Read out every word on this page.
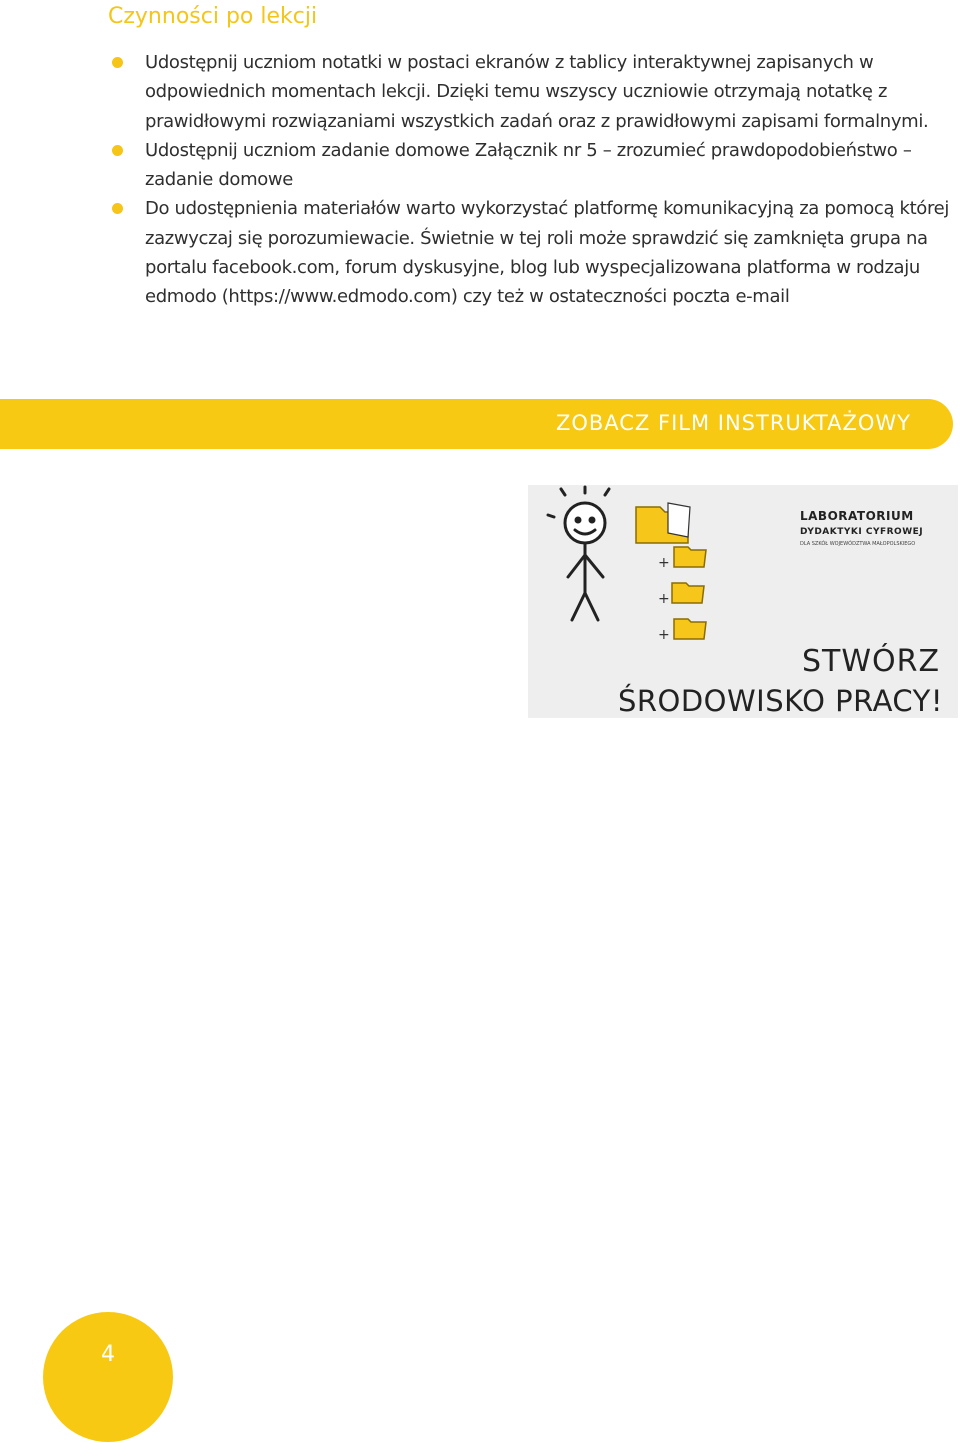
Czynności po lekcji
Udostępnij uczniom notatki w postaci ekranów z tablicy interaktywnej zapisanych w odpowiednich momentach lekcji. Dzięki temu wszyscy uczniowie otrzymają notatkę z prawidłowymi rozwiązaniami wszystkich zadań oraz z prawidłowymi zapisami formalnymi.
Udostępnij uczniom zadanie domowe Załącznik nr 5 – zrozumieć prawdopodobieństwo – zadanie domowe
Do udostępnienia materiałów warto wykorzystać platformę komunikacyjną za pomocą której zazwyczaj się porozumiewacie. Świetnie w tej roli może sprawdzić się zamknięta grupa na portalu facebook.com, forum dyskusyjne, blog lub wyspecjalizowana platforma w rodzaju edmodo (https://www.edmodo.com) czy też w ostateczności poczta e-mail
ZOBACZ FILM INSTRUKTAŻOWY
+
+
+
LABORATORIUM
DYDAKTYKI CYFROWEJ
DLA SZKÓŁ WOJEWÓDZTWA MAŁOPOLSKIEGO
STWÓRZ
ŚRODOWISKO PRACY!
4
